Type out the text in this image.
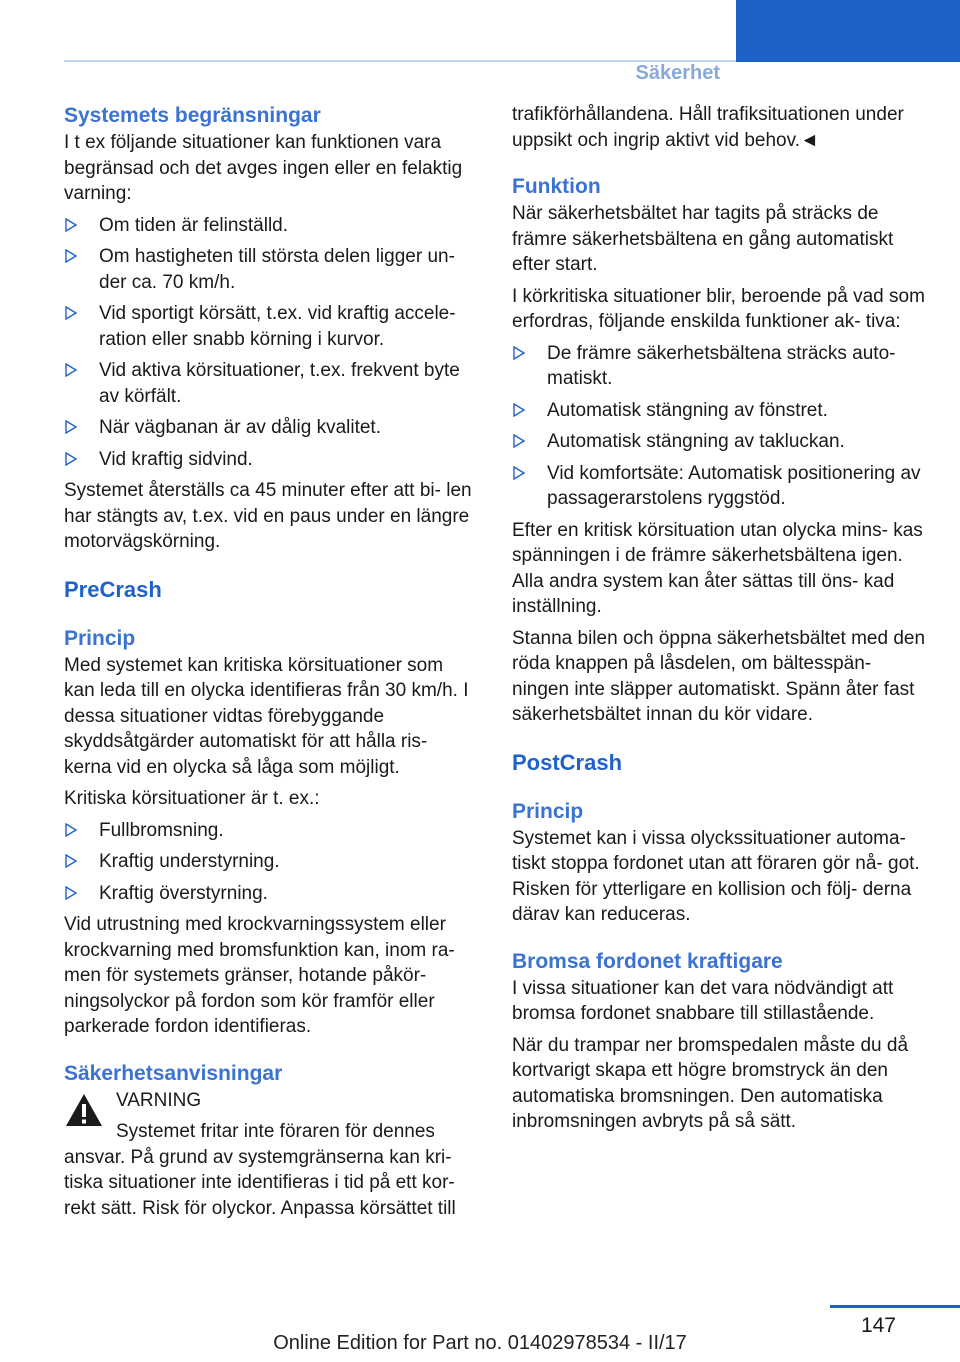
Säkerhet	Instrument
Systemets begränsningar

I t ex följande situationer kan funktionen vara begränsad och det avges ingen eller en felaktig varning:

Om tiden är felinställd.
Om hastigheten till största delen ligger un- der ca. 70 km/h.
Vid sportigt körsätt, t.ex. vid kraftig accele- ration eller snabb körning i kurvor.
Vid aktiva körsituationer, t.ex. frekvent byte av körfält.
När vägbanan är av dålig kvalitet.
Vid kraftig sidvind.

Systemet återställs ca 45 minuter efter att bi- len har stängts av, t.ex. vid en paus under en längre motorvägskörning.

PreCrash
Princip

Med systemet kan kritiska körsituationer som kan leda till en olycka identifieras från 30 km/h. I dessa situationer vidtas förebyggande skyddsåtgärder automatiskt för att hålla ris- kerna vid en olycka så låga som möjligt.

Kritiska körsituationer är t. ex.:

Fullbromsning.
Kraftig understyrning.
Kraftig överstyrning.

Vid utrustning med krockvarningssystem eller krockvarning med bromsfunktion kan, inom ra- men för systemets gränser, hotande påkör- ningsolyckor på fordon som kör framför eller parkerade fordon identifieras.

Säkerhetsanvisningar

VARNING

Systemet fritar inte föraren för dennes

ansvar. På grund av systemgränserna kan kri- tiska situationer inte identifieras i tid på ett kor- rekt sätt. Risk för olyckor. Anpassa körsättet till

trafikförhållandena. Håll trafiksituationen under uppsikt och ingrip aktivt vid behov.◄

Funktion

När säkerhetsbältet har tagits på sträcks de främre säkerhetsbältena en gång automatiskt efter start.

I körkritiska situationer blir, beroende på vad som erfordras, följande enskilda funktioner ak- tiva:

De främre säkerhetsbältena sträcks auto- matiskt.
Automatisk stängning av fönstret.
Automatisk stängning av takluckan.
Vid komfortsäte: Automatisk positionering av passagerarstolens ryggstöd.

Efter en kritisk körsituation utan olycka mins- kas spänningen i de främre säkerhetsbältena igen. Alla andra system kan åter sättas till öns- kad inställning.

Stanna bilen och öppna säkerhetsbältet med den röda knappen på låsdelen, om bältesspän- ningen inte släpper automatiskt. Spänn åter fast säkerhetsbältet innan du kör vidare.

PostCrash
Princip

Systemet kan i vissa olyckssituationer automa- tiskt stoppa fordonet utan att föraren gör nå- got. Risken för ytterligare en kollision och följ- derna därav kan reduceras.

Bromsa fordonet kraftigare

I vissa situationer kan det vara nödvändigt att bromsa fordonet snabbare till stillastående.

När du trampar ner bromspedalen måste du då kortvarigt skapa ett högre bromstryck än den automatiska bromsningen. Den automatiska inbromsningen avbryts på så sätt.

147
Online Edition for Part no. 01402978534 - II/17
